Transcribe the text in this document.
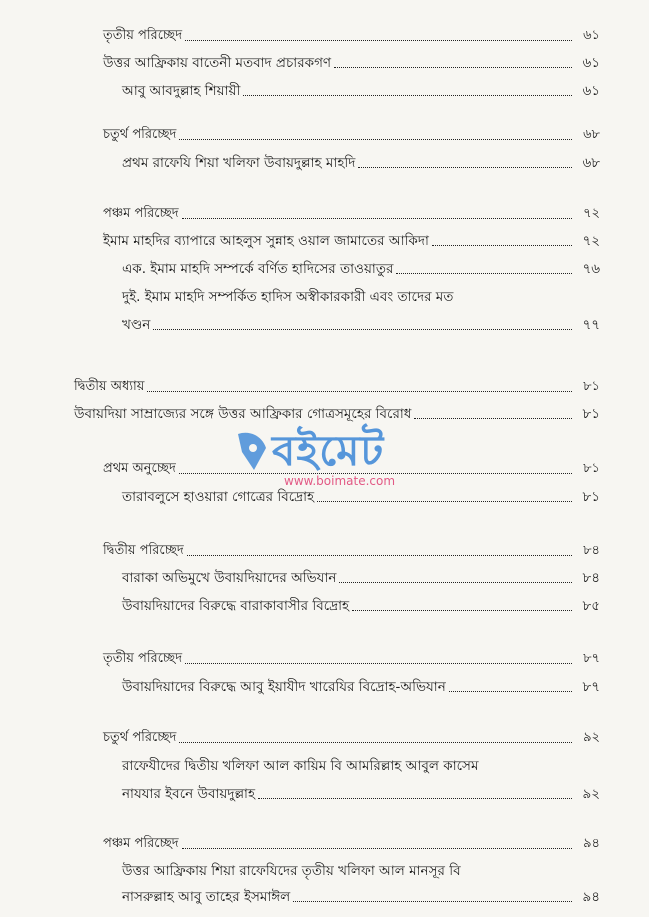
তৃতীয় পরিচ্ছেদ	৬১
উত্তর আফ্রিকায় বাতেনী মতবাদ প্রচারকগণ	৬১
আবু আবদুল্লাহ শিয়ায়ী	৬১
চতুর্থ পরিচ্ছেদ	৬৮
প্রথম রাফেযি শিয়া খলিফা উবায়দুল্লাহ মাহদি	৬৮
পঞ্চম পরিচ্ছেদ	৭২
ইমাম মাহদির ব্যাপারে আহলুস সুন্নাহ ওয়াল জামাতের আকিদা	৭২
এক. ইমাম মাহদি সম্পর্কে বর্ণিত হাদিসের তাওয়াতুর	৭৬
দুই. ইমাম মাহদি সম্পর্কিত হাদিস অস্বীকারকারী এবং তাদের মত
খণ্ডন	৭৭
দ্বিতীয় অধ্যায়	৮১
উবায়দিয়া সাম্রাজ্যের সঙ্গে উত্তর আফ্রিকার গোত্রসমূহের বিরোধ	৮১
প্রথম অনুচ্ছেদ	৮১
তারাবলুসে হাওয়ারা গোত্রের বিদ্রোহ	৮১
দ্বিতীয় পরিচ্ছেদ	৮৪
বারাকা অভিমুখে উবায়দিয়াদের অভিযান	৮৪
উবায়দিয়াদের বিরুদ্ধে বারাকাবাসীর বিদ্রোহ	৮৫
তৃতীয় পরিচ্ছেদ	৮৭
উবায়দিয়াদের বিরুদ্ধে আবু ইয়াযীদ খারেযির বিদ্রোহ-অভিযান	৮৭
চতুর্থ পরিচ্ছেদ	৯২
রাফেযীদের দ্বিতীয় খলিফা আল কায়িম বি আমরিল্লাহ আবুল কাসেম
নাযযার ইবনে উবায়দুল্লাহ	৯২
পঞ্চম পরিচ্ছেদ	৯৪
উত্তর আফ্রিকায় শিয়া রাফেযিদের তৃতীয় খলিফা আল মানসূর বি
নাসরুল্লাহ আবু তাহের ইসমাঈল	৯৪
বইমেট
www.boimate.com
